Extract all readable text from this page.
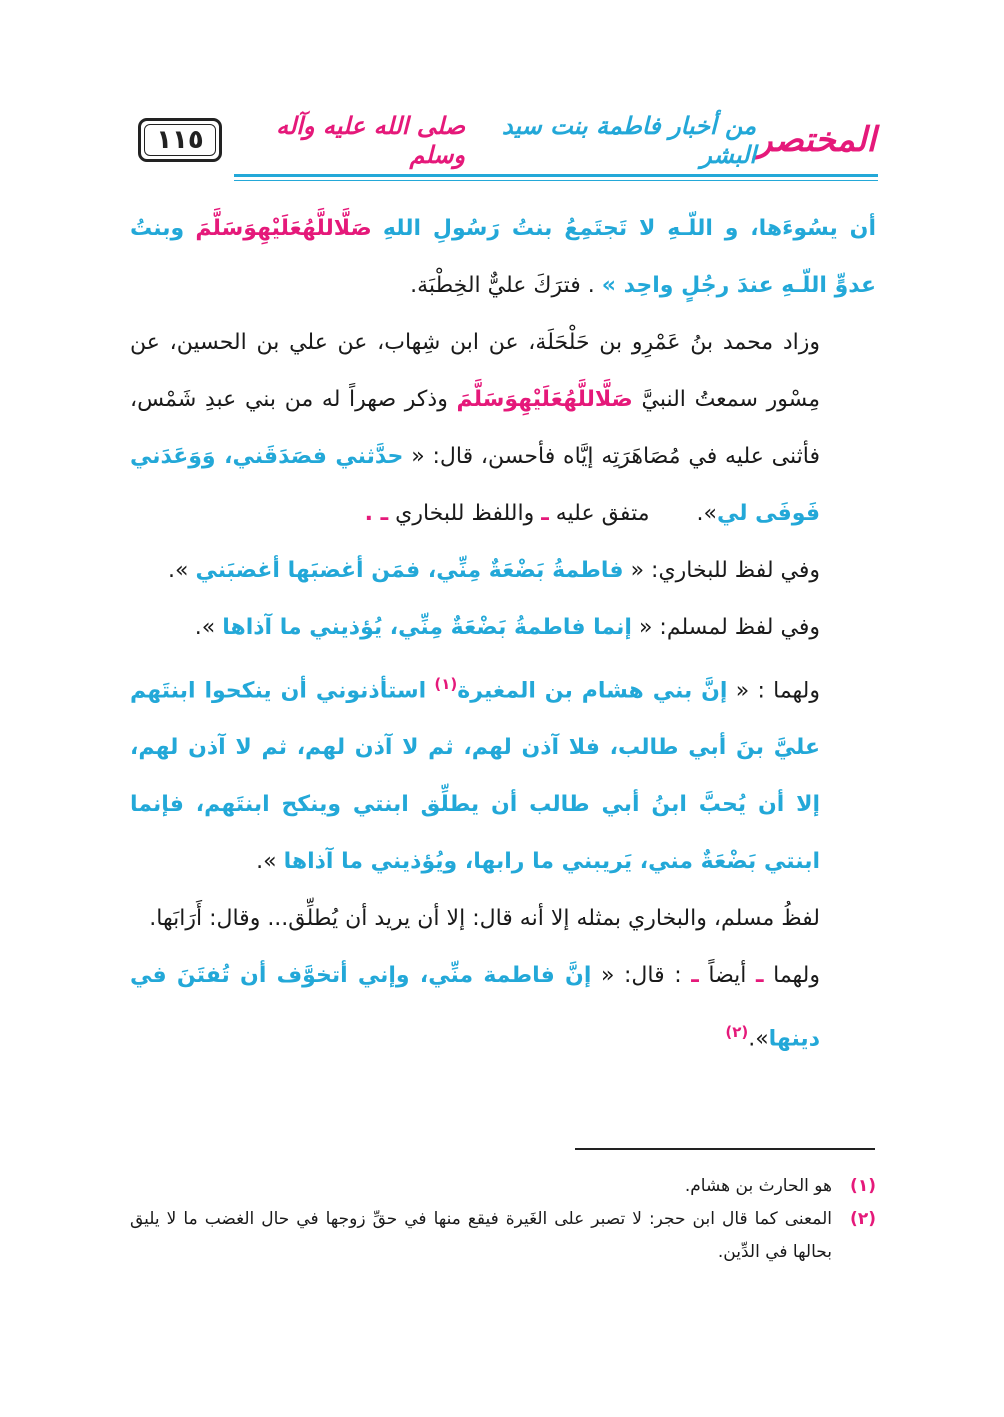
١١٥	صلى الله عليه وآله وسلم
من أخبار فاطمة بنت سيد البشر المختصر

أن يسُوءَها، و اللّـهِ لا تَجتَمِعُ بنتُ رَسُولِ اللهِ صَلَّاللَّهُعَلَيْهِوَسَلَّمَ وبنتُ عدوٍّ اللّـهِ عندَ رجُلٍ واحِد » . فترَكَ عليٌّ الخِطْبَة.

وزاد محمد بنُ عَمْرِو بن حَلْحَلَة، عن ابن شِهاب، عن علي بن الحسين، عن مِسْور سمعتُ النبيَّ صَلَّاللَّهُعَلَيْهِوَسَلَّمَ وذكر صهراً له من بني عبدِ شَمْس، فأثنى عليه في مُصَاهَرَتِه إيَّاه فأحسن، قال: « حدَّثني فصَدَقَني، وَوَعَدَني فَوفَى لي». متفق عليه ـ واللفظ للبخاري ـ .

وفي لفظ للبخاري: « فاطمةُ بَضْعَةٌ مِنِّي، فمَن أغضبَها أغضبَني ».

وفي لفظ لمسلم: « إنما فاطمةُ بَضْعَةٌ مِنِّي، يُؤذيني ما آذاها ».

ولهما : « إنَّ بني هشام بن المغيرة$^{(١)}$ استأذنوني أن ينكحوا ابنتَهم عليَّ بنَ أبي طالب، فلا آذن لهم، ثم لا آذن لهم، ثم لا آذن لهم، إلا أن يُحبَّ ابنُ أبي طالب أن يطلِّق ابنتي وينكح ابنتَهم، فإنما ابنتي بَضْعَةٌ مني، يَريبني ما رابها، ويُؤذيني ما آذاها ».

لفظُ مسلم، والبخاري بمثله إلا أنه قال: إلا أن يريد أن يُطلِّق... وقال: أَرَابَها.

ولهما ـ أيضاً ـ : قال: « إنَّ فاطمة منِّي، وإني أتخوَّف أن تُفتَنَ في دينها».$^{(٢)}$

(١)
هو الحارث بن هشام.
(٢)
المعنى كما قال ابن حجر: لا تصبر على الغَيرة فيقع منها في حقِّ زوجها في حال الغضب ما لا يليق بحالها في الدِّين.
